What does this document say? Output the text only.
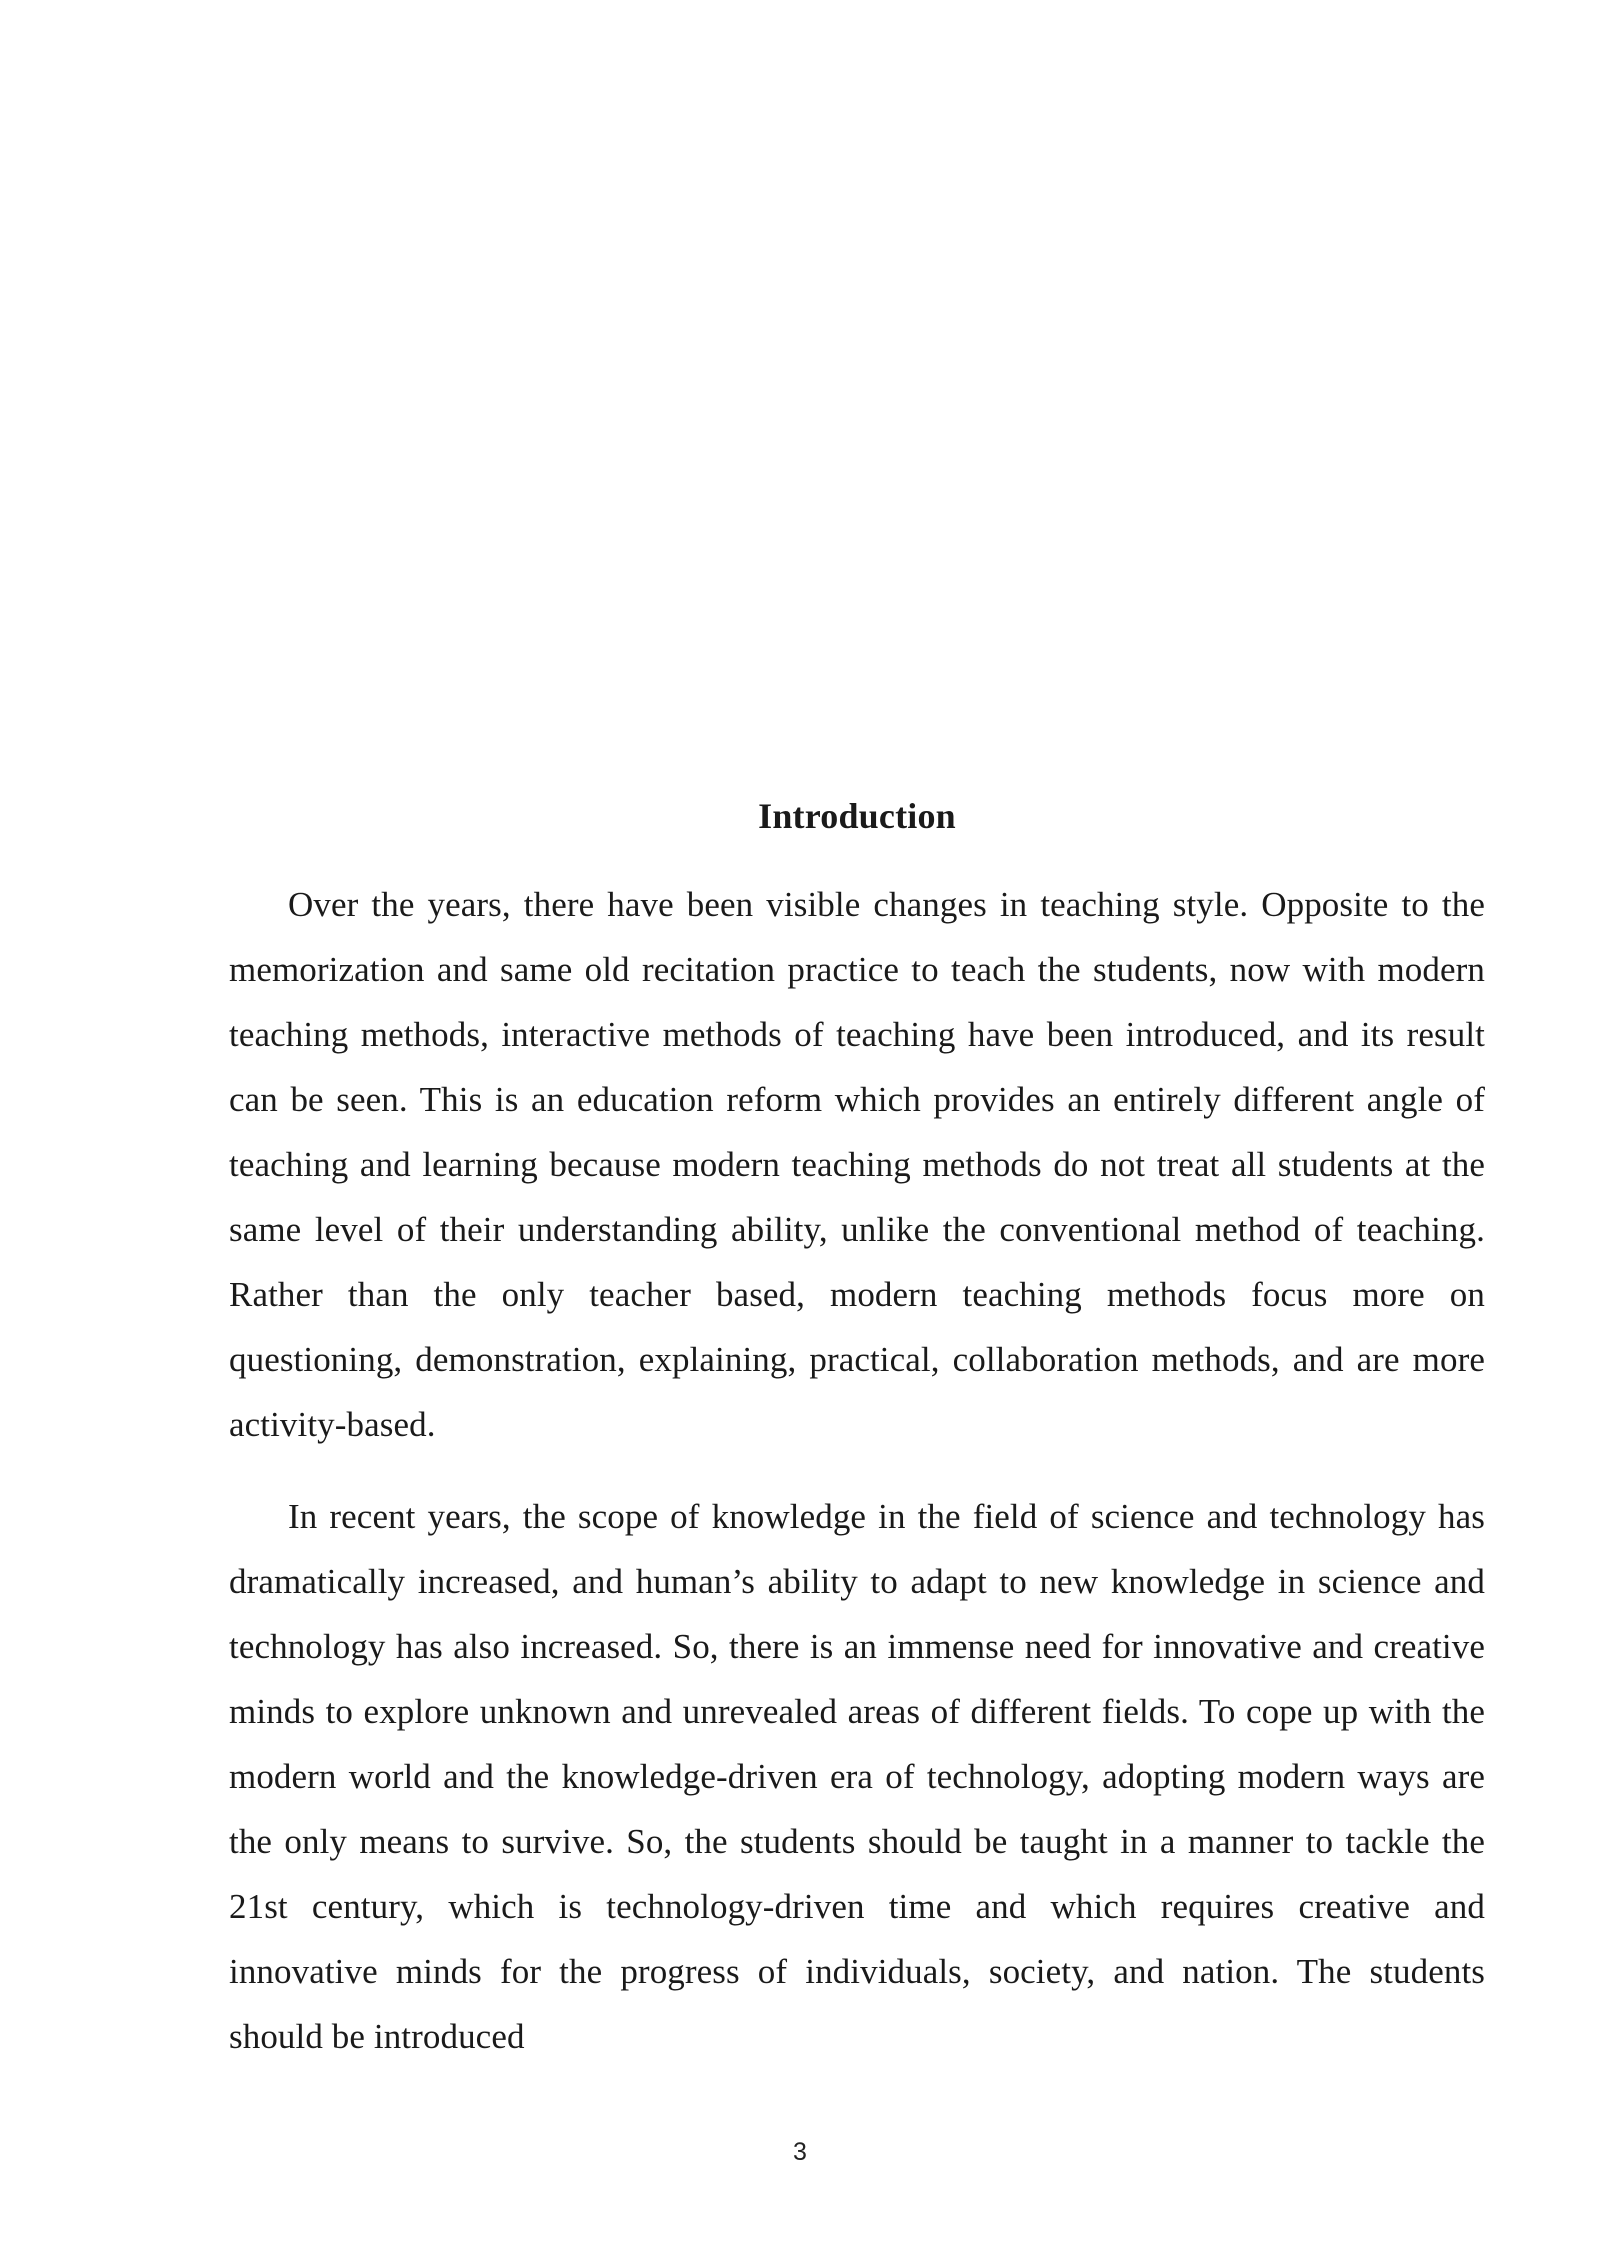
Introduction

Over the years, there have been visible changes in teaching style. Opposite to the memorization and same old recitation practice to teach the students, now with modern teaching methods, interactive methods of teaching have been introduced, and its result can be seen. This is an education reform which provides an entirely different angle of teaching and learning because modern teaching methods do not treat all students at the same level of their understanding ability, unlike the conventional method of teaching. Rather than the only teacher based, modern teaching methods focus more on questioning, demonstration, explaining, practical, collaboration methods, and are more activity-based.

In recent years, the scope of knowledge in the field of science and technology has dramatically increased, and human’s ability to adapt to new knowledge in science and technology has also increased. So, there is an immense need for innovative and creative minds to explore unknown and unrevealed areas of different fields. To cope up with the modern world and the knowledge-driven era of technology, adopting modern ways are the only means to survive. So, the students should be taught in a manner to tackle the 21st century, which is technology-driven time and which requires creative and innovative minds for the progress of individuals, society, and nation. The students should be introduced

3
